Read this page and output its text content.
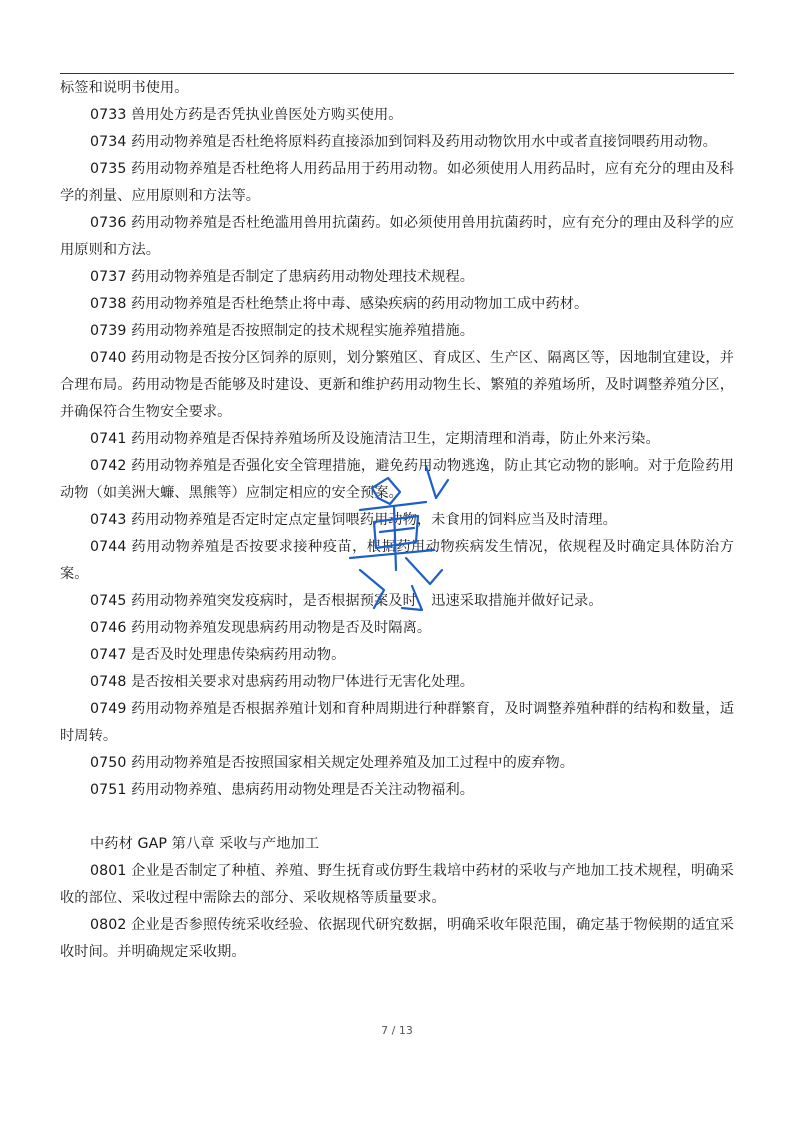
标签和说明书使用。

0733 兽用处方药是否凭执业兽医处方购买使用。

0734 药用动物养殖是否杜绝将原料药直接添加到饲料及药用动物饮用水中或者直接饲喂药用动物。

0735 药用动物养殖是否杜绝将人用药品用于药用动物。如必须使用人用药品时，应有充分的理由及科学的剂量、应用原则和方法等。

0736 药用动物养殖是否杜绝滥用兽用抗菌药。如必须使用兽用抗菌药时，应有充分的理由及科学的应用原则和方法。

0737 药用动物养殖是否制定了患病药用动物处理技术规程。

0738 药用动物养殖是否杜绝禁止将中毒、感染疾病的药用动物加工成中药材。

0739 药用动物养殖是否按照制定的技术规程实施养殖措施。

0740 药用动物是否按分区饲养的原则，划分繁殖区、育成区、生产区、隔离区等，因地制宜建设，并合理布局。药用动物是否能够及时建设、更新和维护药用动物生长、繁殖的养殖场所，及时调整养殖分区，并确保符合生物安全要求。

0741 药用动物养殖是否保持养殖场所及设施清洁卫生，定期清理和消毒，防止外来污染。

0742 药用动物养殖是否强化安全管理措施，避免药用动物逃逸，防止其它动物的影响。对于危险药用动物（如美洲大蠊、黑熊等）应制定相应的安全预案。

0743 药用动物养殖是否定时定点定量饲喂药用动物，未食用的饲料应当及时清理。

0744 药用动物养殖是否按要求接种疫苗，根据药用动物疾病发生情况，依规程及时确定具体防治方案。

0745 药用动物养殖突发疫病时，是否根据预案及时、迅速采取措施并做好记录。

0746 药用动物养殖发现患病药用动物是否及时隔离。

0747 是否及时处理患传染病药用动物。

0748 是否按相关要求对患病药用动物尸体进行无害化处理。

0749 药用动物养殖是否根据养殖计划和育种周期进行种群繁育，及时调整养殖种群的结构和数量，适时周转。

0750 药用动物养殖是否按照国家相关规定处理养殖及加工过程中的废弃物。

0751 药用动物养殖、患病药用动物处理是否关注动物福利。

中药材 GAP 第八章 采收与产地加工

0801 企业是否制定了种植、养殖、野生抚育或仿野生栽培中药材的采收与产地加工技术规程，明确采收的部位、采收过程中需除去的部分、采收规格等质量要求。

0802 企业是否参照传统采收经验、依据现代研究数据，明确采收年限范围，确定基于物候期的适宜采收时间。并明确规定采收期。

7 / 13
